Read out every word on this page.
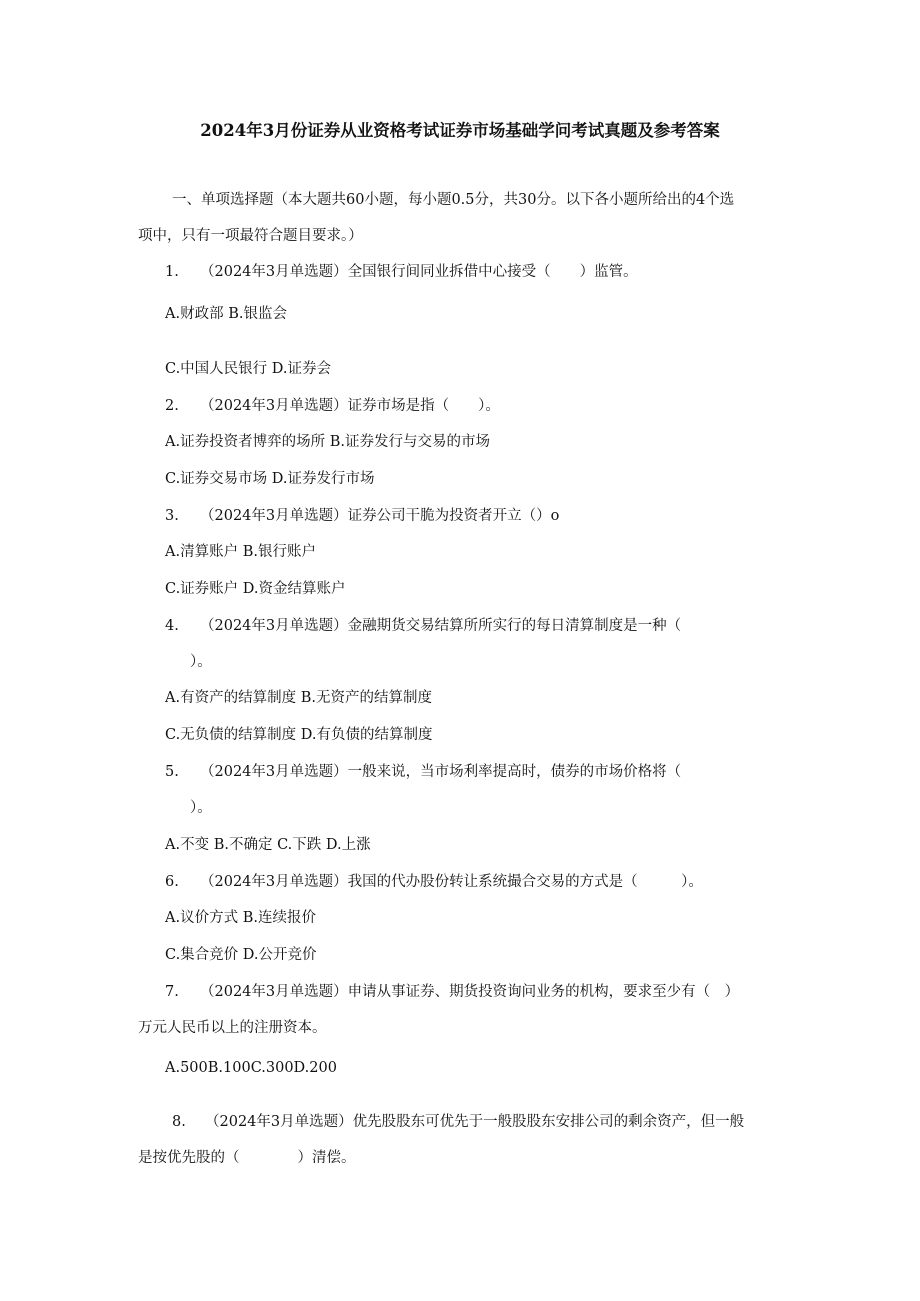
2024年3月份证券从业资格考试证券市场基础学问考试真题及参考答案

一、单项选择题（本大题共60小题，每小题0.5分，共30分。以下各小题所给出的4个选

项中，只有一项最符合题目要求。）

1. （2024年3月单选题）全国银行间同业拆借中心接受（　　）监管。

A.财政部 B.银监会

C.中国人民银行 D.证券会

2. （2024年3月单选题）证券市场是指（　　）。

A.证券投资者博弈的场所 B.证券发行与交易的市场

C.证券交易市场 D.证券发行市场

3. （2024年3月单选题）证券公司干脆为投资者开立（）o

A.清算账户 B.银行账户

C.证券账户 D.资金结算账户

4. （2024年3月单选题）金融期货交易结算所所实行的每日清算制度是一种（

）。

A.有资产的结算制度 B.无资产的结算制度

C.无负债的结算制度 D.有负债的结算制度

5. （2024年3月单选题）一般来说，当市场利率提高时，债券的市场价格将（

）。

A.不变 B.不确定 C.下跌 D.上涨

6. （2024年3月单选题）我国的代办股份转让系统撮合交易的方式是（　　　）。

A.议价方式 B.连续报价

C.集合竞价 D.公开竞价

7. （2024年3月单选题）申请从事证券、期货投资询问业务的机构，要求至少有（　）

万元人民币以上的注册资本。

A.500B.100C.300D.200

8. （2024年3月单选题）优先股股东可优先于一般股股东安排公司的剩余资产，但一般

是按优先股的（　　　　）清偿。
